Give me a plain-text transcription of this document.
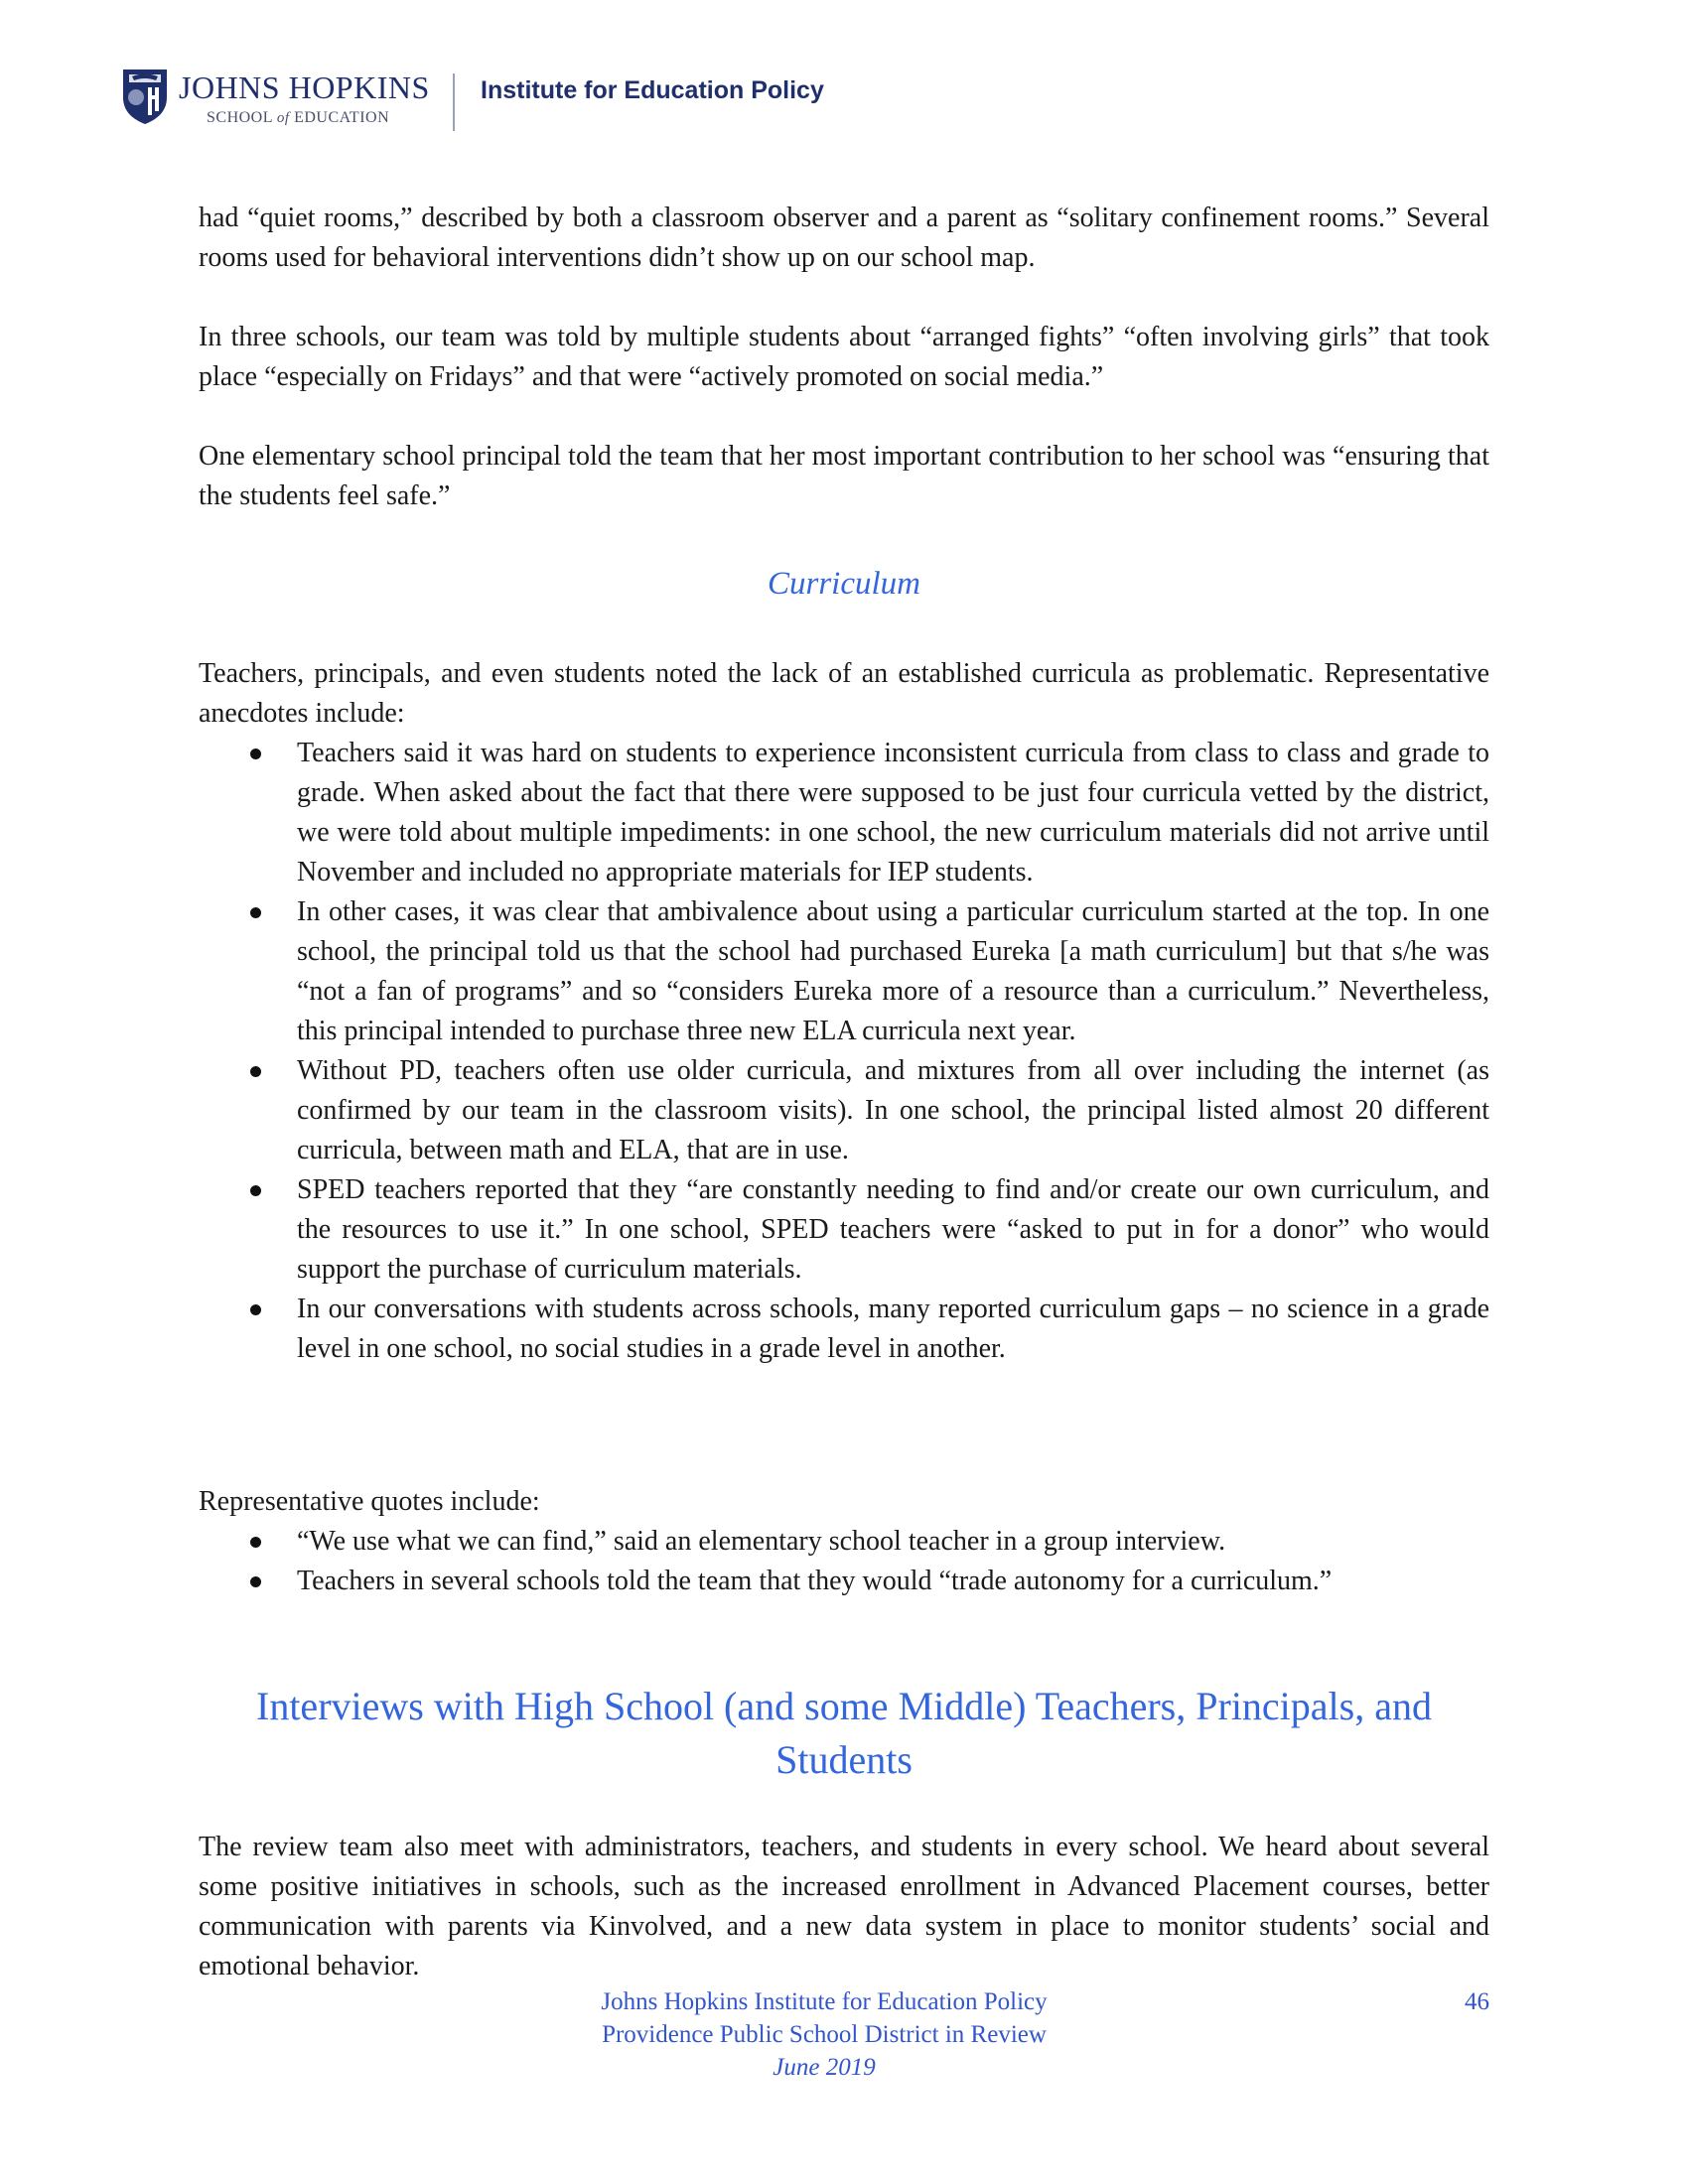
JOHNS HOPKINS
SCHOOL of EDUCATION
Institute for Education Policy

had “quiet rooms,” described by both a classroom observer and a parent as “solitary confinement rooms.” Several rooms used for behavioral interventions didn’t show up on our school map.

In three schools, our team was told by multiple students about “arranged fights” “often involving girls” that took place “especially on Fridays” and that were “actively promoted on social media.”

One elementary school principal told the team that her most important contribution to her school was “ensuring that the students feel safe.”

Curriculum

Teachers, principals, and even students noted the lack of an established curricula as problematic. Representative anecdotes include:

Teachers said it was hard on students to experience inconsistent curricula from class to class and grade to grade. When asked about the fact that there were supposed to be just four curricula vetted by the district, we were told about multiple impediments: in one school, the new curriculum materials did not arrive until November and included no appropriate materials for IEP students.
In other cases, it was clear that ambivalence about using a particular curriculum started at the top. In one school, the principal told us that the school had purchased Eureka [a math curriculum] but that s/he was “not a fan of programs” and so “considers Eureka more of a resource than a curriculum.” Nevertheless, this principal intended to purchase three new ELA curricula next year.
Without PD, teachers often use older curricula, and mixtures from all over including the internet (as confirmed by our team in the classroom visits). In one school, the principal listed almost 20 different curricula, between math and ELA, that are in use.
SPED teachers reported that they “are constantly needing to find and/or create our own curriculum, and the resources to use it.” In one school, SPED teachers were “asked to put in for a donor” who would support the purchase of curriculum materials.
In our conversations with students across schools, many reported curriculum gaps – no science in a grade level in one school, no social studies in a grade level in another.

Representative quotes include:

“We use what we can find,” said an elementary school teacher in a group interview.
Teachers in several schools told the team that they would “trade autonomy for a curriculum.”
Interviews with High School (and some Middle) Teachers, Principals, and
Students

The review team also meet with administrators, teachers, and students in every school. We heard about several some positive initiatives in schools, such as the increased enrollment in Advanced Placement courses, better communication with parents via Kinvolved, and a new data system in place to monitor students’ social and emotional behavior.

Johns Hopkins Institute for Education Policy
Providence Public School District in Review
June 2019
46
